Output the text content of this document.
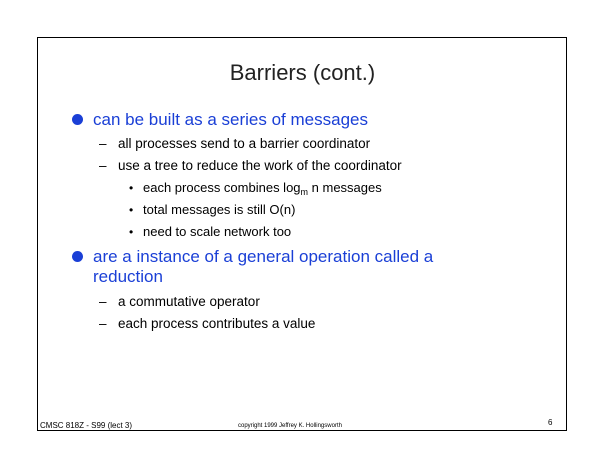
Barriers (cont.)
can be built as a series of messages
– all processes send to a barrier coordinator
– use a tree to reduce the work of the coordinator
• each process combines $\log_m n$ messages
• total messages is still O(n)
• need to scale network too
are a instance of a general operation called a
reduction
– a commutative operator
– each process contributes a value
CMSC 818Z - S99 (lect 3)	copyright 1999 Jeffrey K. Hollingsworth	6
